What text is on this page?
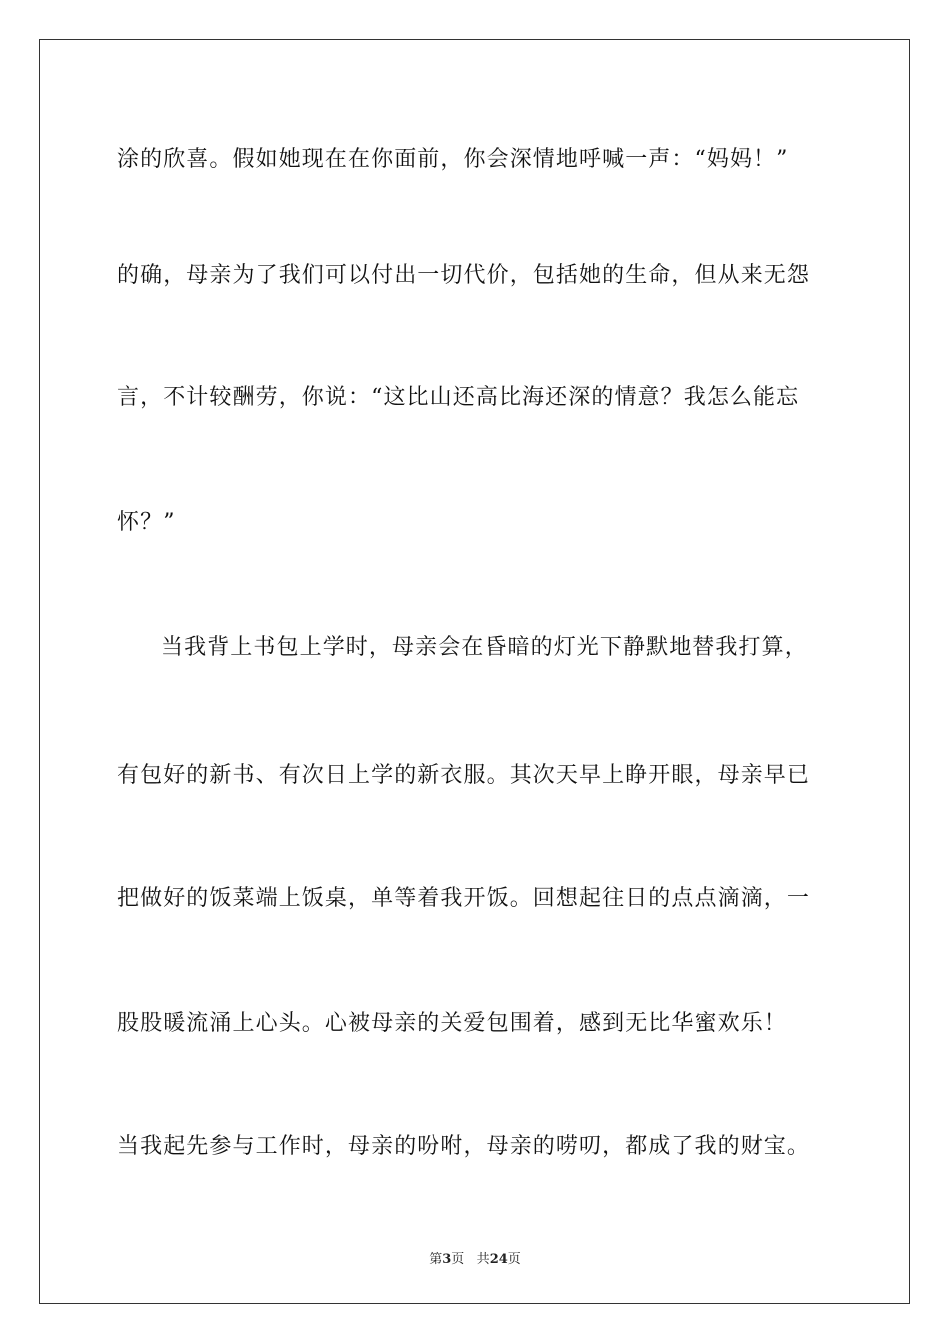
涂的欣喜。假如她现在在你面前，你会深情地呼喊一声：“妈妈！”
的确，母亲为了我们可以付出一切代价，包括她的生命，但从来无怨
言，不计较酬劳，你说：“这比山还高比海还深的情意？我怎么能忘
怀？”
当我背上书包上学时，母亲会在昏暗的灯光下静默地替我打算，
有包好的新书、有次日上学的新衣服。其次天早上睁开眼，母亲早已
把做好的饭菜端上饭桌，单等着我开饭。回想起往日的点点滴滴，一
股股暖流涌上心头。心被母亲的关爱包围着，感到无比华蜜欢乐！
当我起先参与工作时，母亲的吩咐，母亲的唠叨，都成了我的财宝。
第3页 共24页
